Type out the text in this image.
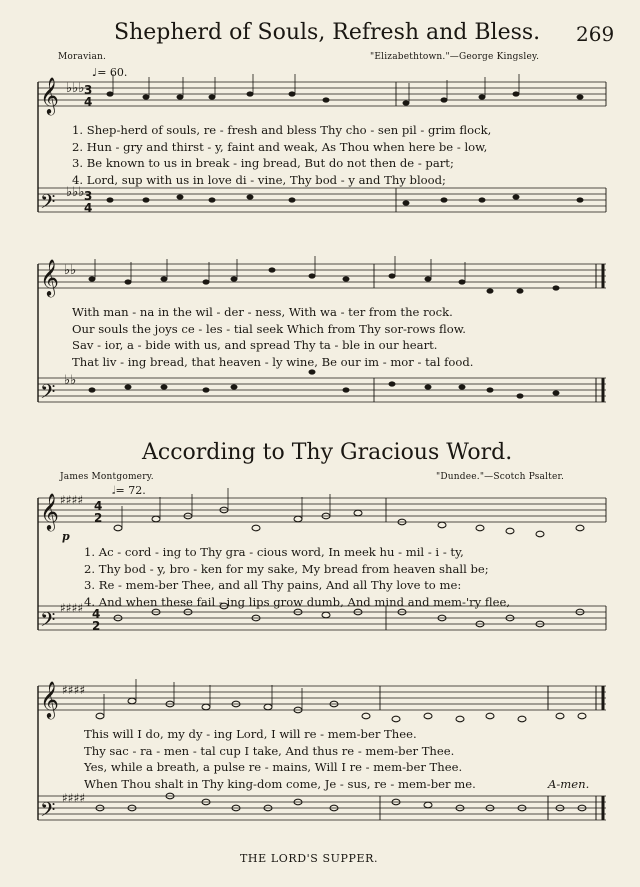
Shepherd of Souls, Refresh and Bless. 269
Moravian.	"Elizabethtown."—George Kingsley.
♩= 60.
𝄞
𝄢
𝄞
𝄢
𝄞
𝄢
𝄞
𝄢
♭♭♭
♭♭♭
♭♭
♭♭
♯♯♯♯
♯♯♯♯
♯♯♯♯
♯♯♯♯
3
4
3
4
4
2
4
2
1. Shep-herd of souls, re - fresh and bless Thy cho - sen pil - grim flock,
2. Hun - gry and thirst - y, faint and weak, As Thou when here be - low,
3. Be known to us in break - ing bread, But do not then de - part;
4. Lord, sup with us in love di - vine, Thy bod - y and Thy blood;
With man - na in the wil - der - ness, With wa - ter from the rock.
Our souls the joys ce - les - tial seek Which from Thy sor-rows flow.
Sav - ior, a - bide with us, and spread Thy ta - ble in our heart.
That liv - ing bread, that heaven - ly wine, Be our im - mor - tal food.
According to Thy Gracious Word.
James Montgomery.	"Dundee."—Scotch Psalter.
𝅗𝅥= 72.
p
1. Ac - cord - ing to Thy gra - cious word, In meek hu - mil - i - ty,
2. Thy bod - y, bro - ken for my sake, My bread from heaven shall be;
3. Re - mem-ber Thee, and all Thy pains, And all Thy love to me:
4. And when these fail - ing lips grow dumb, And mind and mem-'ry flee,
This will I do, my dy - ing Lord, I will re - mem-ber Thee.
Thy sac - ra - men - tal cup I take, And thus re - mem-ber Thee.
Yes, while a breath, a pulse re - mains, Will I re - mem-ber Thee.
When Thou shalt in Thy king-dom come, Je - sus, re - mem-ber me.	A-men.
THE LORD'S SUPPER.
